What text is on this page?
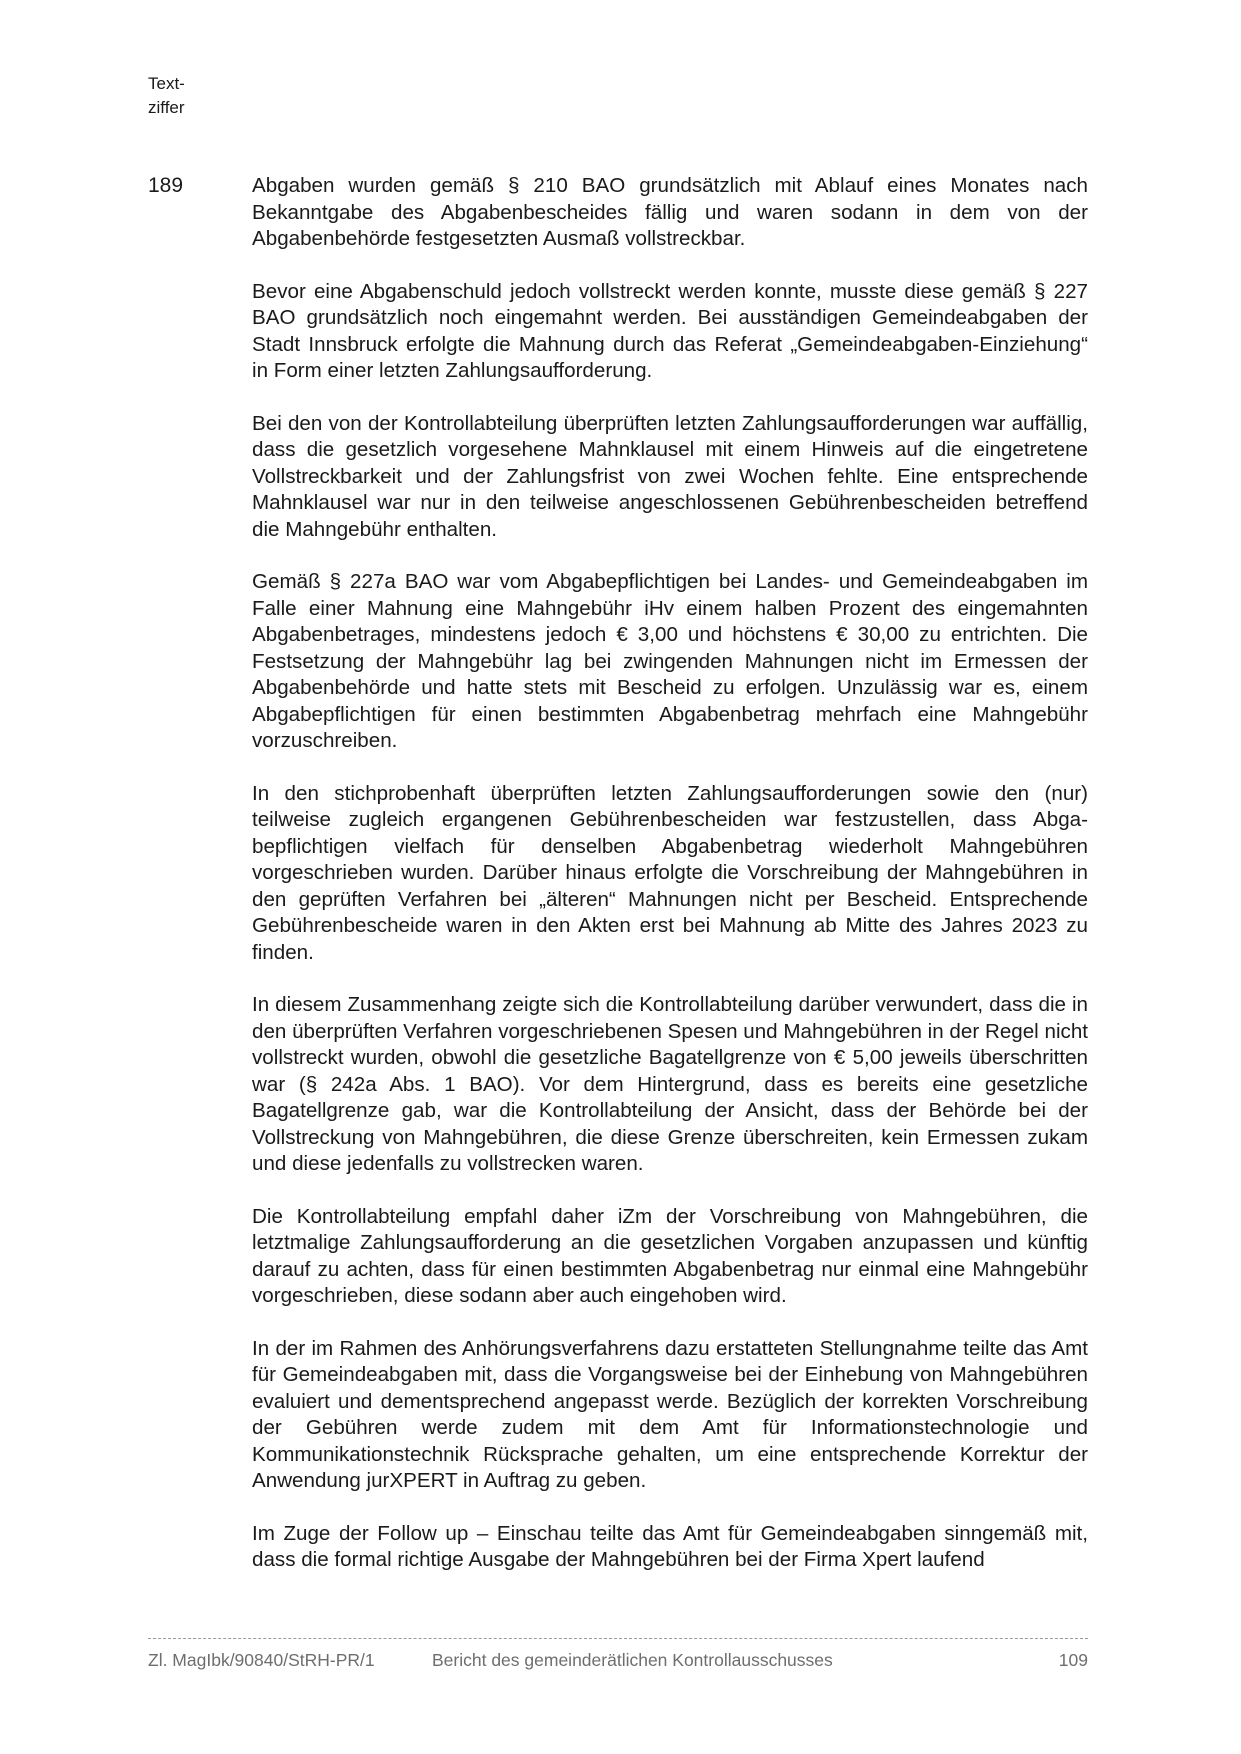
Text-
ziffer
189	Abgaben wurden gemäß § 210 BAO grundsätzlich mit Ablauf eines Monates nach Bekanntgabe des Abgabenbescheides fällig und waren sodann in dem von der Abgabenbehörde festgesetzten Ausmaß vollstreckbar.

Bevor eine Abgabenschuld jedoch vollstreckt werden konnte, musste diese gemäß § 227 BAO grundsätzlich noch eingemahnt werden. Bei ausständigen Gemeindeabgaben der Stadt Innsbruck erfolgte die Mahnung durch das Referat „Gemeindeabgaben-Einziehung“ in Form einer letzten Zahlungsaufforderung.

Bei den von der Kontrollabteilung überprüften letzten Zahlungsaufforderungen war auffällig, dass die gesetzlich vorgesehene Mahnklausel mit einem Hinweis auf die eingetretene Vollstreckbarkeit und der Zahlungsfrist von zwei Wochen fehlte. Eine entsprechende Mahnklausel war nur in den teilweise angeschlossenen Gebührenbescheiden betreffend die Mahngebühr enthalten.

Gemäß § 227a BAO war vom Abgabepflichtigen bei Landes- und Gemeindeabgaben im Falle einer Mahnung eine Mahngebühr iHv einem halben Prozent des eingemahnten Abgabenbetrages, mindestens jedoch € 3,00 und höchstens € 30,00 zu entrichten. Die Festsetzung der Mahngebühr lag bei zwingenden Mahnungen nicht im Ermessen der Abgabenbehörde und hatte stets mit Bescheid zu erfolgen. Unzulässig war es, einem Abgabepflichtigen für einen bestimmten Abgabenbetrag mehrfach eine Mahngebühr vorzuschreiben.

In den stichprobenhaft überprüften letzten Zahlungsaufforderungen sowie den (nur) teilweise zugleich ergangenen Gebührenbescheiden war festzustellen, dass Abgabepflichtigen vielfach für denselben Abgabenbetrag wiederholt Mahngebühren vorgeschrieben wurden. Darüber hinaus erfolgte die Vorschreibung der Mahngebühren in den geprüften Verfahren bei „älteren“ Mahnungen nicht per Bescheid. Entsprechende Gebührenbescheide waren in den Akten erst bei Mahnung ab Mitte des Jahres 2023 zu finden.

In diesem Zusammenhang zeigte sich die Kontrollabteilung darüber verwundert, dass die in den überprüften Verfahren vorgeschriebenen Spesen und Mahngebühren in der Regel nicht vollstreckt wurden, obwohl die gesetzliche Bagatellgrenze von € 5,00 jeweils überschritten war (§ 242a Abs. 1 BAO). Vor dem Hintergrund, dass es bereits eine gesetzliche Bagatellgrenze gab, war die Kontrollabteilung der Ansicht, dass der Behörde bei der Vollstreckung von Mahngebühren, die diese Grenze überschreiten, kein Ermessen zukam und diese jedenfalls zu vollstrecken waren.

Die Kontrollabteilung empfahl daher iZm der Vorschreibung von Mahngebühren, die letztmalige Zahlungsaufforderung an die gesetzlichen Vorgaben anzupassen und künftig darauf zu achten, dass für einen bestimmten Abgabenbetrag nur einmal eine Mahngebühr vorgeschrieben, diese sodann aber auch eingehoben wird.

In der im Rahmen des Anhörungsverfahrens dazu erstatteten Stellungnahme teilte das Amt für Gemeindeabgaben mit, dass die Vorgangsweise bei der Einhebung von Mahngebühren evaluiert und dementsprechend angepasst werde. Bezüglich der korrekten Vorschreibung der Gebühren werde zudem mit dem Amt für Informationstechnologie und Kommunikationstechnik Rücksprache gehalten, um eine entsprechende Korrektur der Anwendung jurXPERT in Auftrag zu geben.

Im Zuge der Follow up – Einschau teilte das Amt für Gemeindeabgaben sinngemäß mit, dass die formal richtige Ausgabe der Mahngebühren bei der Firma Xpert laufend

Zl. MagIbk/90840/StRH-PR/1	Bericht des gemeinderätlichen Kontrollausschusses	109
